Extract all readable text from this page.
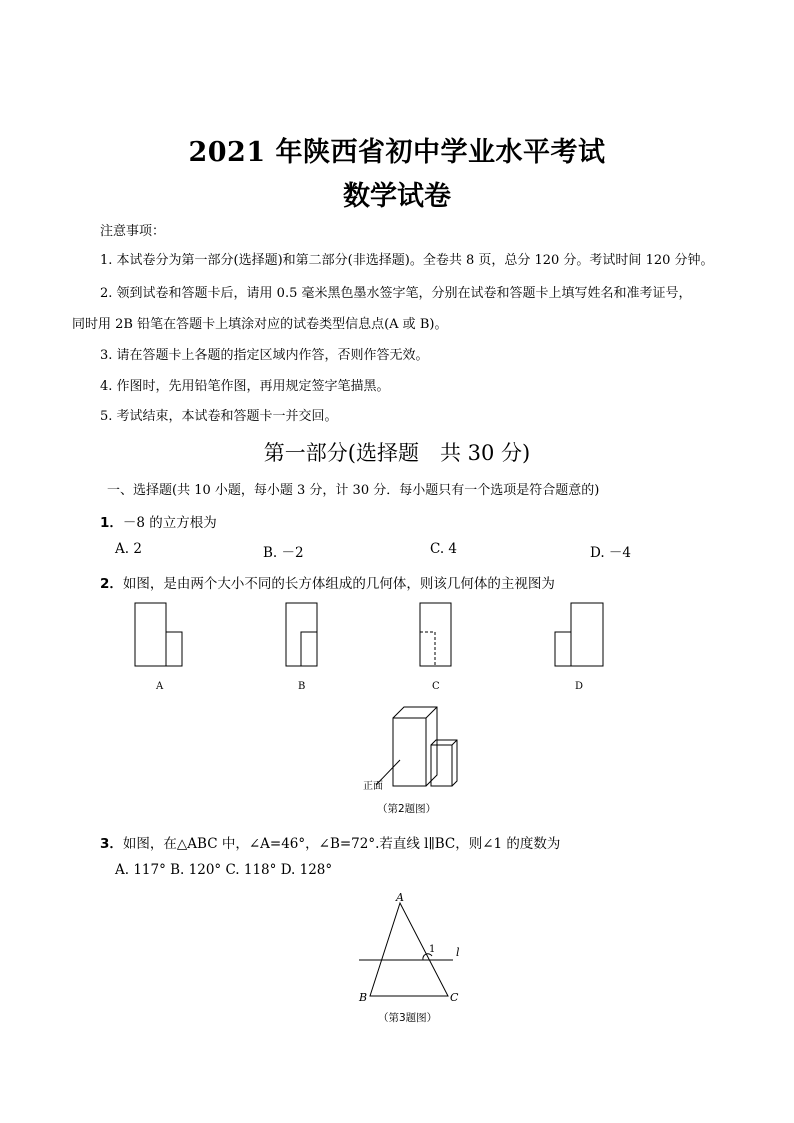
2021 年陕西省初中学业水平考试
数学试卷
注意事项：
1. 本试卷分为第一部分(选择题)和第二部分(非选择题)。全卷共 8 页，总分 120 分。考试时间 120 分钟。
2. 领到试卷和答题卡后，请用 0.5 毫米黑色墨水签字笔，分别在试卷和答题卡上填写姓名和准考证号，
同时用 2B 铅笔在答题卡上填涂对应的试卷类型信息点(A 或 B)。
3. 请在答题卡上各题的指定区域内作答，否则作答无效。
4. 作图时，先用铅笔作图，再用规定签字笔描黑。
5. 考试结束，本试卷和答题卡一并交回。
第一部分(选择题　共 30 分)
一、选择题(共 10 小题，每小题 3 分，计 30 分．每小题只有一个选项是符合题意的)
1．－8 的立方根为
A. 2	B. －2	C. 4	D. －4
2．如图，是由两个大小不同的长方体组成的几何体，则该几何体的主视图为
A	B	C	D
正面
（第2题图）
3．如图，在△ABC 中，∠A=46°，∠B=72°.若直线 l∥BC，则∠1 的度数为
A. 117° B. 120° C. 118° D. 128°
A
B	C
1 l
（第3题图）
